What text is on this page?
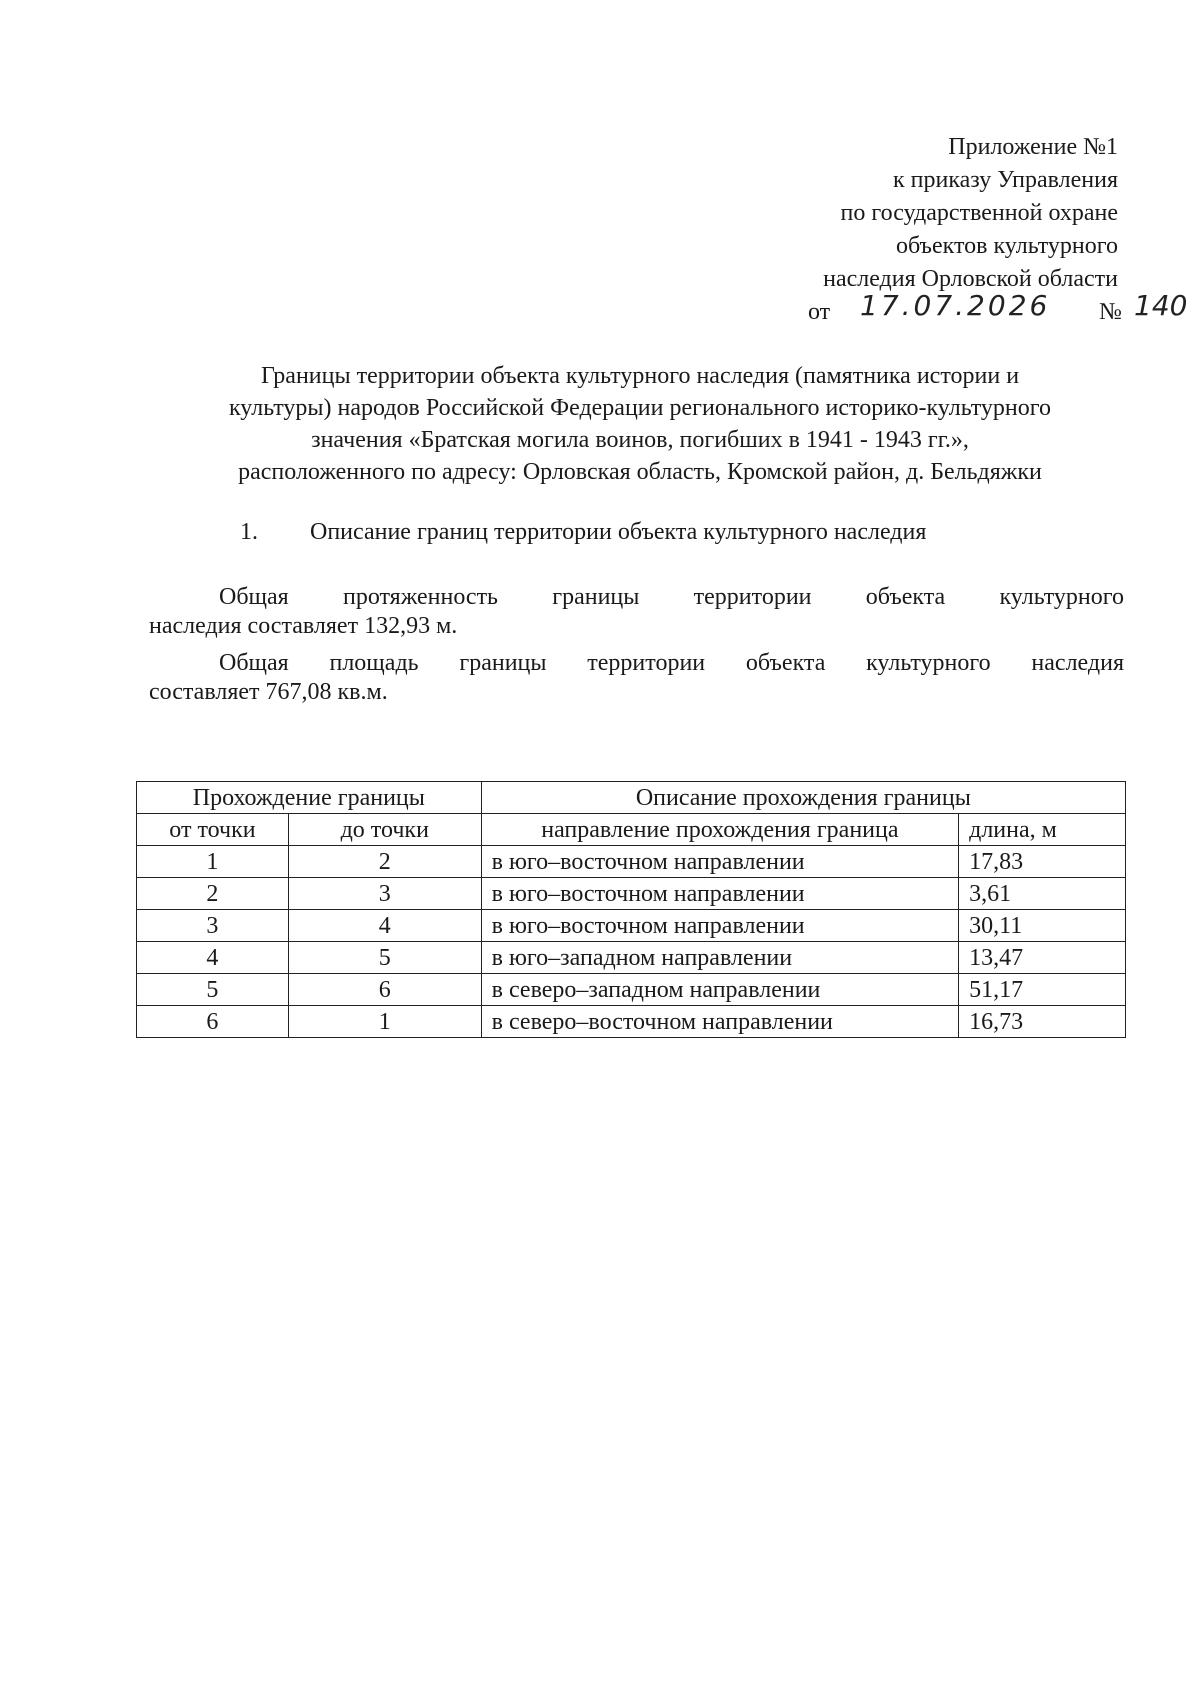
Приложение №1
к приказу Управления
по государственной охране
объектов культурного
наследия Орловской области
от 17.07.2026 № 140
Границы территории объекта культурного наследия (памятника истории и
культуры) народов Российской Федерации регионального историко-культурного
значения «Братская могила воинов, погибших в 1941 - 1943 гг.»,
расположенного по адресу: Орловская область, Кромской район, д. Бельдяжки
1. Описание границ территории объекта культурного наследия
Общая протяженность границы территории объекта культурного
наследия составляет 132,93 м.
Общая площадь границы территории объекта культурного наследия
составляет 767,08 кв.м.
Прохождение границы		Описание прохождения границы	
от точки	до точки	направление прохождения граница	длина, м
1	2	в юго–восточном направлении	17,83
2	3	в юго–восточном направлении	3,61
3	4	в юго–восточном направлении	30,11
4	5	в юго–западном направлении	13,47
5	6	в северо–западном направлении	51,17
6	1	в северо–восточном направлении	16,73
